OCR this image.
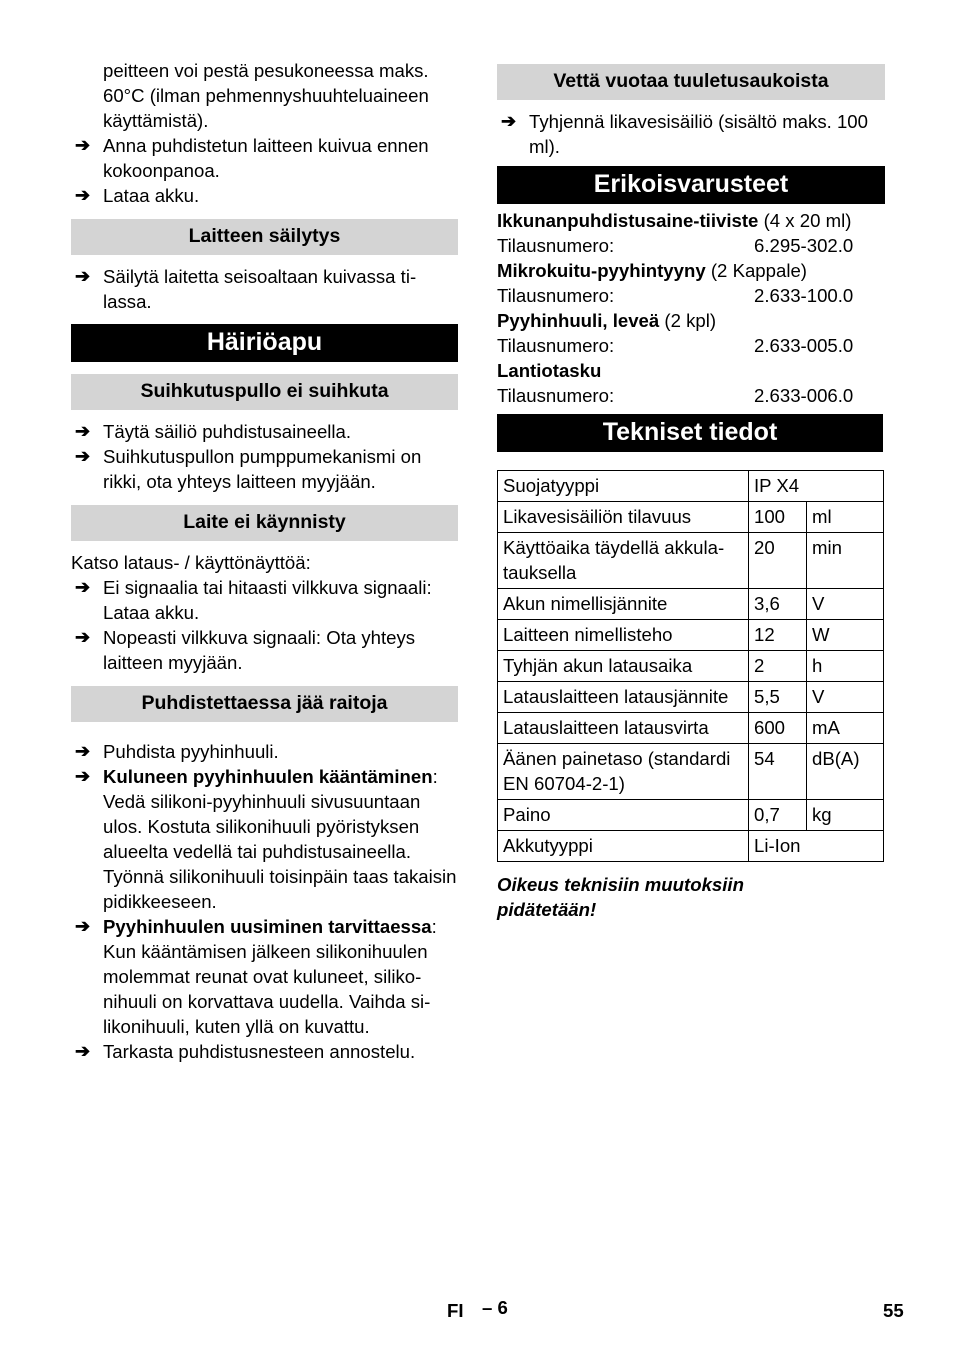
peitteen voi pestä pesukoneessa maks. 60°C (ilman pehmennyshuuhteluaineen käyttämistä).

➔ Anna puhdistetun laitteen kuivua ennen kokoonpanoa.

➔ Lataa akku.

Laitteen säilytys

➔ Säilytä laitetta seisoaltaan kuivassa tilassa.

Häiriöapu
Suihkutuspullo ei suihkuta

➔ Täytä säiliö puhdistusaineella.

➔ Suihkutuspullon pumppumekanismi on rikki, ota yhteys laitteen myyjään.

Laite ei käynnisty

Katso lataus- / käyttönäyttöä:

➔ Ei signaalia tai hitaasti vilkkuva signaali: Lataa akku.

➔ Nopeasti vilkkuva signaali: Ota yhteys laitteen myyjään.

Puhdistettaessa jää raitoja

➔ Puhdista pyyhinhuuli.

➔ Kuluneen pyyhinhuulen kääntäminen:
Vedä silikoni-pyyhinhuuli sivusuuntaan ulos. Kostuta silikonihuuli pyöristyksen alueelta vedellä tai puhdistusaineella. Työnnä silikonihuuli toisinpäin taas takaisin pidikkeeseen.
➔ Pyyhinhuulen uusiminen tarvittaessa:
Kun kääntämisen jälkeen silikonihuulen molemmat reunat ovat kuluneet, silikonihuuli on korvattava uudella. Vaihda silikonihuuli, kuten yllä on kuvattu.

➔ Tarkasta puhdistusnesteen annostelu.

Vettä vuotaa tuuletusaukoista

➔ Tyhjennä likavesisäiliö (sisältö maks. 100 ml).

Erikoisvarusteet

Ikkunanpuhdistusaine-tiiviste (4 x 20 ml)

Tilausnumero:	6.295-302.0

Mikrokuitu-pyyhintyyny (2 Kappale)

Tilausnumero:	2.633-100.0

Pyyhinhuuli, leveä (2 kpl)

Tilausnumero:	2.633-005.0

Lantiotasku

Tilausnumero:	2.633-006.0
Tekniset tiedot
Suojatyyppi	IP X4	
Likavesisäiliön tilavuus	100	ml
Käyttöaika täydellä akkulatauksella	20	min
Akun nimellisjännite	3,6	V
Laitteen nimellisteho	12	W
Tyhjän akun latausaika	2	h
Latauslaitteen latausjännite	5,5	V
Latauslaitteen latausvirta	600	mA
Äänen painetaso (standardi EN 60704-2-1)	54	dB(A)
Paino	0,7	kg
Akkutyyppi	Li-Ion	

Oikeus teknisiin muutoksiin pidätetään!

FI – 6	55
